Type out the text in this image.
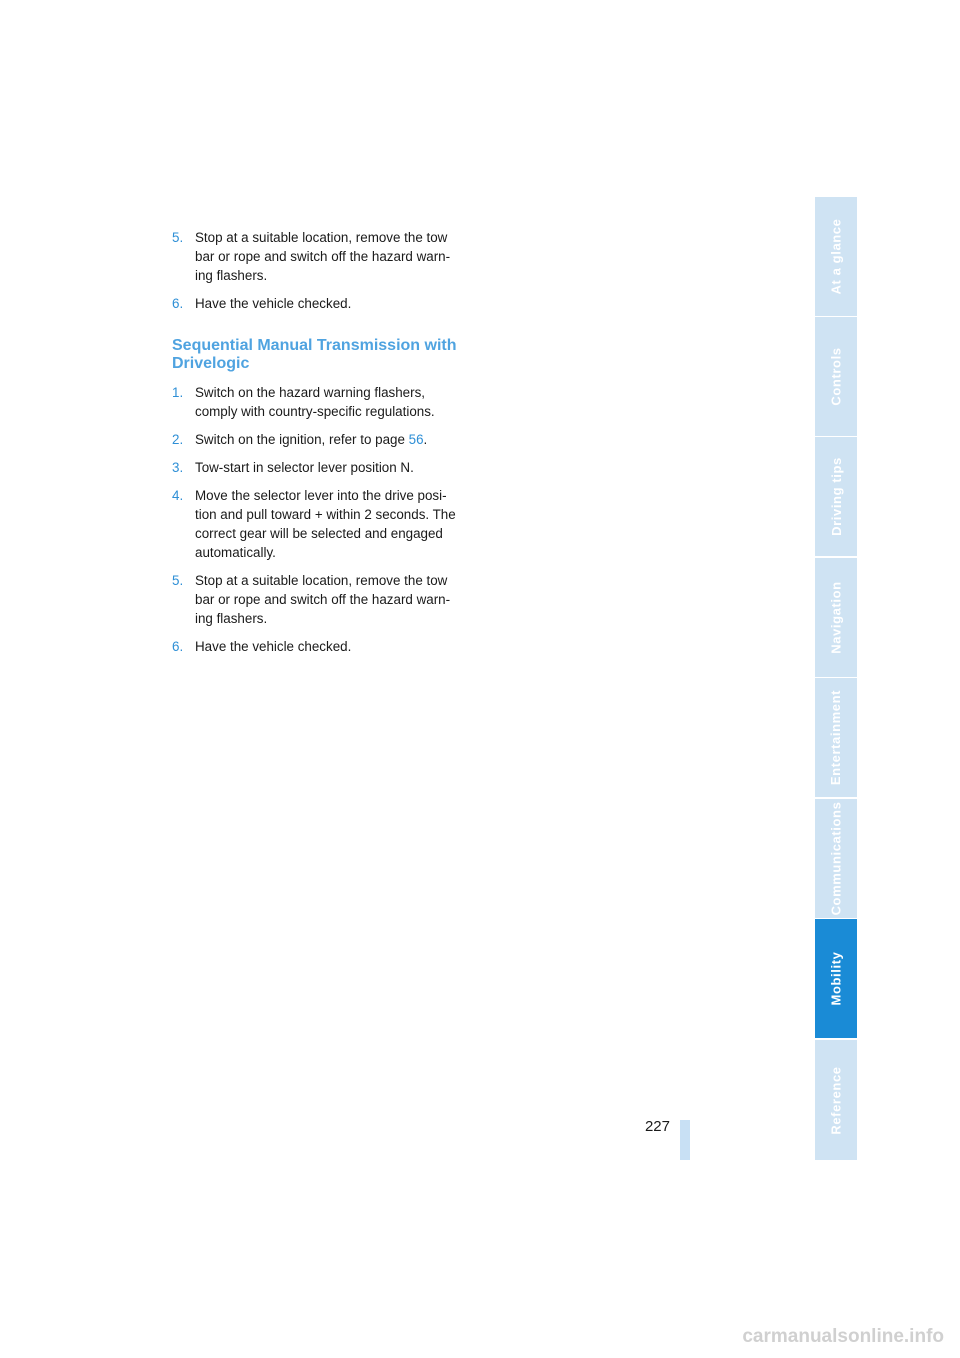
5. Stop at a suitable location, remove the tow bar or rope and switch off the hazard warn-ing flashers.
6. Have the vehicle checked.
Sequential Manual Transmission with Drivelogic
1. Switch on the hazard warning flashers, comply with country-specific regulations.
2. Switch on the ignition, refer to page 56.
3. Tow-start in selector lever position N.
4. Move the selector lever into the drive posi-tion and pull toward + within 2 seconds. The correct gear will be selected and engaged automatically.
5. Stop at a suitable location, remove the tow bar or rope and switch off the hazard warn-ing flashers.
6. Have the vehicle checked.
227
At a glance
Controls
Driving tips
Navigation
Entertainment
Communications
Mobility
Reference
carmanualsonline.info
